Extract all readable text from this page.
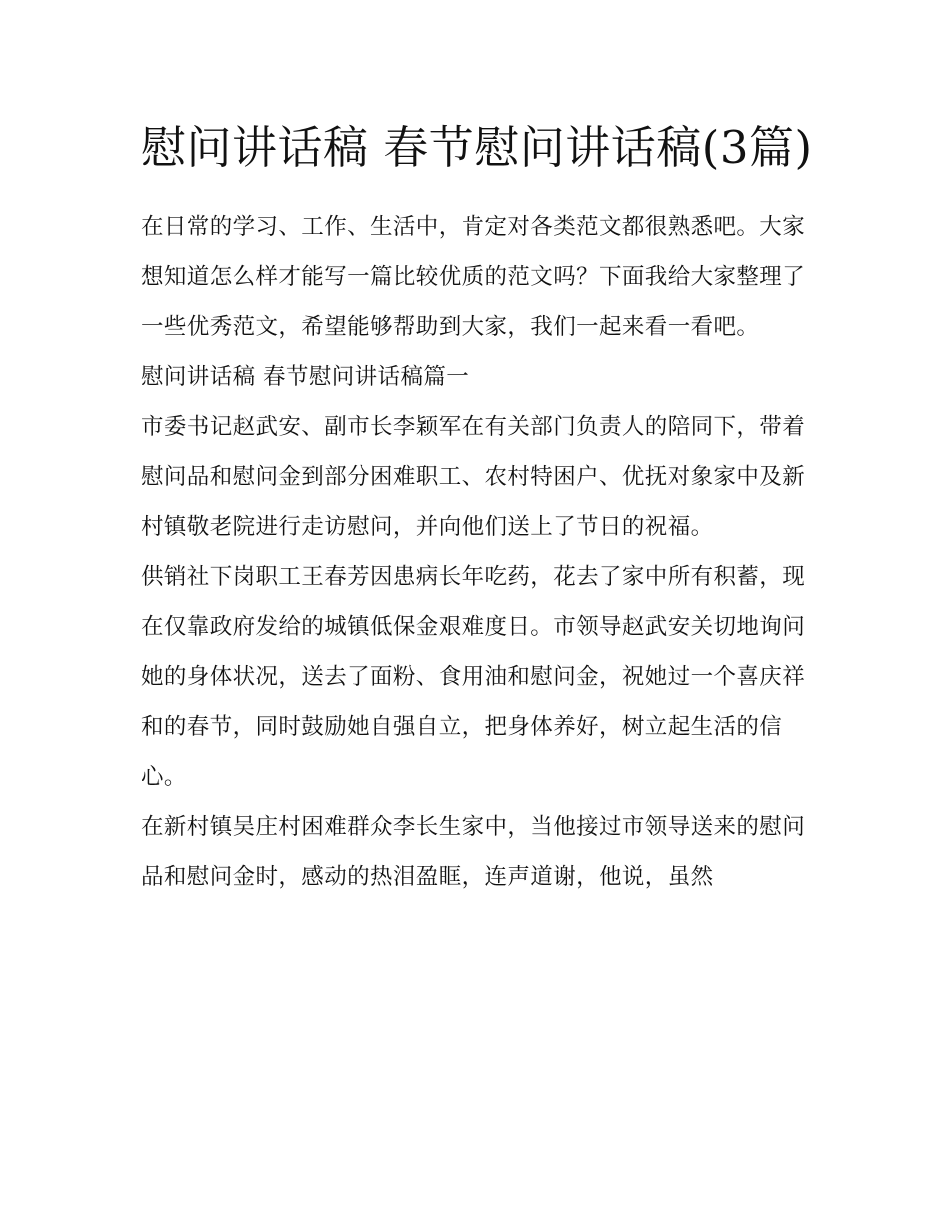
慰问讲话稿 春节慰问讲话稿(3篇)

在日常的学习、工作、生活中，肯定对各类范文都很熟悉吧。大家想知道怎么样才能写一篇比较优质的范文吗？下面我给大家整理了一些优秀范文，希望能够帮助到大家，我们一起来看一看吧。

慰问讲话稿 春节慰问讲话稿篇一

市委书记赵武安、副市长李颖军在有关部门负责人的陪同下，带着慰问品和慰问金到部分困难职工、农村特困户、优抚对象家中及新村镇敬老院进行走访慰问，并向他们送上了节日的祝福。

供销社下岗职工王春芳因患病长年吃药，花去了家中所有积蓄，现在仅靠政府发给的城镇低保金艰难度日。市领导赵武安关切地询问她的身体状况，送去了面粉、食用油和慰问金，祝她过一个喜庆祥和的春节，同时鼓励她自强自立，把身体养好，树立起生活的信心。

在新村镇吴庄村困难群众李长生家中，当他接过市领导送来的慰问品和慰问金时，感动的热泪盈眶，连声道谢，他说，虽然
